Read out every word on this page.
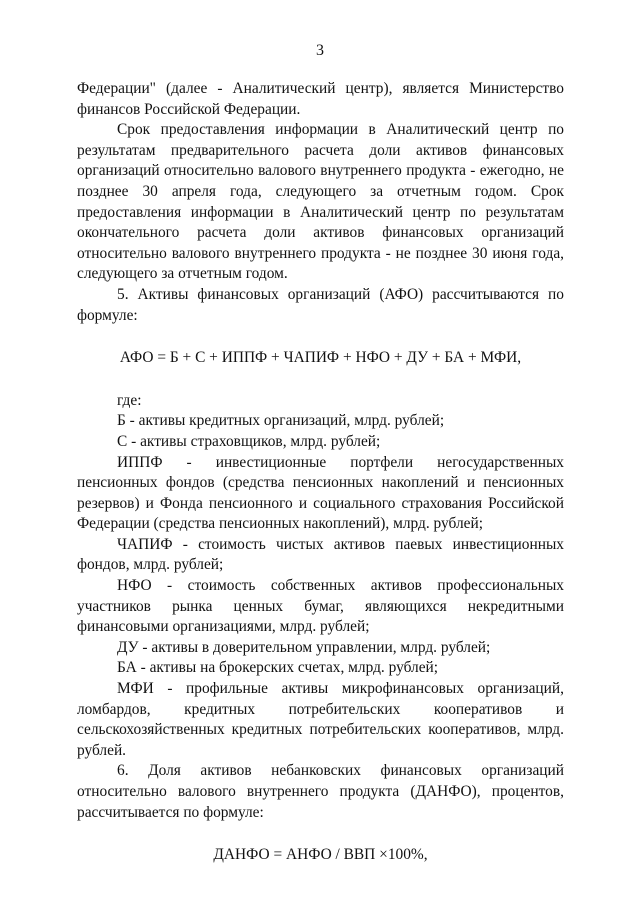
3

Федерации" (далее - Аналитический центр), является Министерство финансов Российской Федерации.

Срок предоставления информации в Аналитический центр по результатам предварительного расчета доли активов финансовых организаций относительно валового внутреннего продукта - ежегодно, не позднее 30 апреля года, следующего за отчетным годом. Срок предоставления информации в Аналитический центр по результатам окончательного расчета доли активов финансовых организаций относительно валового внутреннего продукта - не позднее 30 июня года, следующего за отчетным годом.

5. Активы финансовых организаций (АФО) рассчитываются по формуле:

АФО = Б + С + ИППФ + ЧАПИФ + НФО + ДУ + БА + МФИ,

где:

Б - активы кредитных организаций, млрд. рублей;

С - активы страховщиков, млрд. рублей;

ИППФ - инвестиционные портфели негосударственных пенсионных фондов (средства пенсионных накоплений и пенсионных резервов) и Фонда пенсионного и социального страхования Российской Федерации (средства пенсионных накоплений), млрд. рублей;

ЧАПИФ - стоимость чистых активов паевых инвестиционных фондов, млрд. рублей;

НФО - стоимость собственных активов профессиональных участников рынка ценных бумаг, являющихся некредитными финансовыми организациями, млрд. рублей;

ДУ - активы в доверительном управлении, млрд. рублей;

БА - активы на брокерских счетах, млрд. рублей;

МФИ - профильные активы микрофинансовых организаций, ломбардов, кредитных потребительских кооперативов и сельскохозяйственных кредитных потребительских кооперативов, млрд. рублей.

6. Доля активов небанковских финансовых организаций относительно валового внутреннего продукта (ДАНФО), процентов, рассчитывается по формуле:

ДАНФО = АНФО / ВВП ×100%,
